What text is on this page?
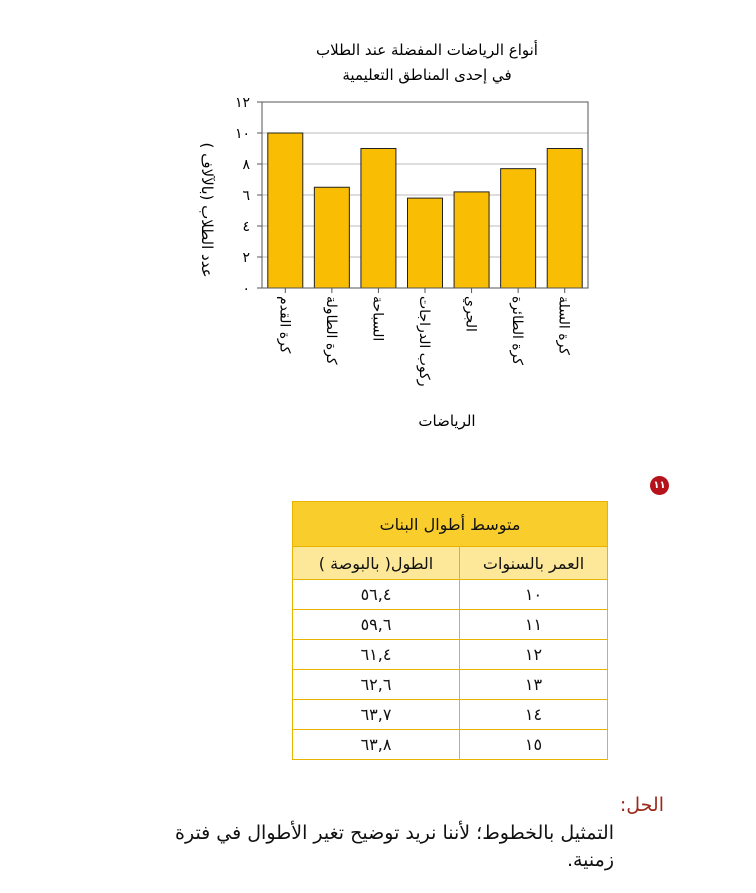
أنواع الرياضات المفضلة عند الطلاب
في إحدى المناطق التعليمية
عدد الطلاب (بالآلاف )
الرياضات
٠
٢
٤
٦
٨
١٠
١٢
كرة القدم كرة الطاولة السباحة ركوب الدراجات الجري كرة الطائرة كرة السلة
١١
متوسط أطوال البنات	
العمر بالسنوات	الطول( بالبوصة )
١٠	٥٦,٤
١١	٥٩,٦
١٢	٦١,٤
١٣	٦٢,٦
١٤	٦٣,٧
١٥	٦٣,٨
الحل:
التمثيل بالخطوط؛ لأننا نريد توضيح تغير الأطوال في فترة زمنية.
